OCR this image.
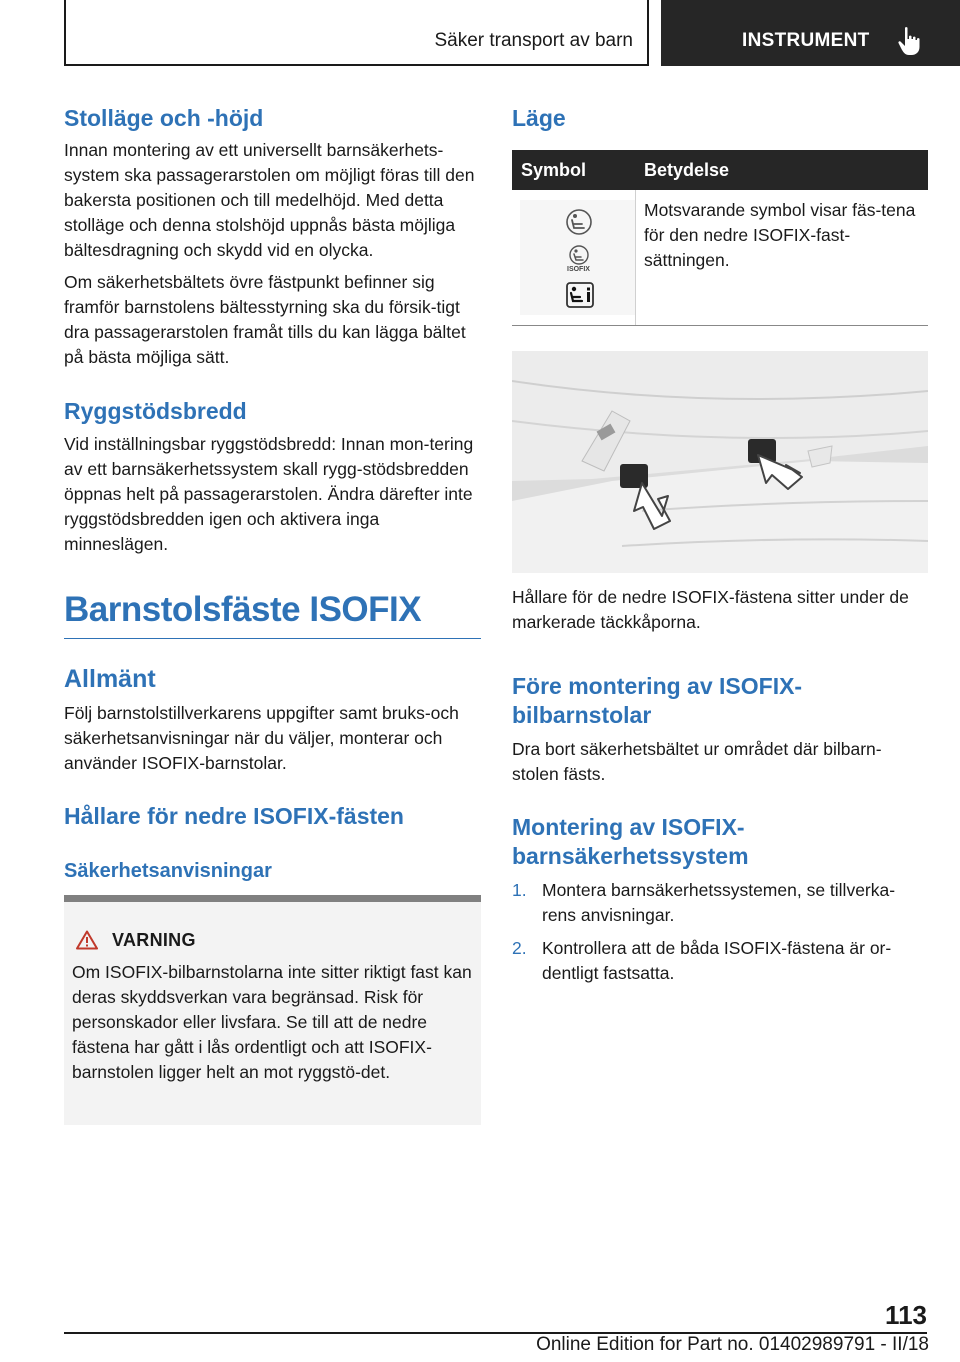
Säker transport av barn	INSTRUMENT
Stolläge och -höjd

Innan montering av ett universellt barnsäkerhets-system ska passagerarstolen om möjligt föras till den bakersta positionen och till medelhöjd. Med detta stolläge och denna stolshöjd uppnås bästa möjliga bältesdragning och skydd vid en olycka.

Om säkerhetsbältets övre fästpunkt befinner sig framför barnstolens bältesstyrning ska du försik-tigt dra passagerarstolen framåt tills du kan lägga bältet på bästa möjliga sätt.

Ryggstödsbredd

Vid inställningsbar ryggstödsbredd: Innan mon-tering av ett barnsäkerhetssystem skall rygg-stödsbredden öppnas helt på passagerarstolen. Ändra därefter inte ryggstödsbredden igen och aktivera inga minneslägen.

Barnstolsfäste ISOFIX
Allmänt

Följ barnstolstillverkarens uppgifter samt bruks-och säkerhetsanvisningar när du väljer, monterar och använder ISOFIX-barnstolar.

Hållare för nedre ISOFIX-fästen
Säkerhetsanvisningar
VARNING

Om ISOFIX-bilbarnstolarna inte sitter riktigt fast kan deras skyddsverkan vara begränsad. Risk för personskador eller livsfara. Se till att de nedre fästena har gått i lås ordentligt och att ISOFIX-barnstolen ligger helt an mot ryggstö-det.

Läge
Symbol	Betydelse
ISOFIX

Motsvarande symbol visar fäs-tena för den nedre ISOFIX-fast-sättningen.

Hållare för de nedre ISOFIX-fästena sitter under de markerade täckkåporna.

Före montering av ISOFIX-bilbarnstolar

Dra bort säkerhetsbältet ur området där bilbarn-stolen fästs.

Montering av ISOFIX-barnsäkerhetssystem
1. Montera barnsäkerhetssystemen, se tillverka-rens anvisningar.
2. Kontrollera att de båda ISOFIX-fästena är or-dentligt fastsatta.
113
Online Edition for Part no. 01402989791 - II/18
